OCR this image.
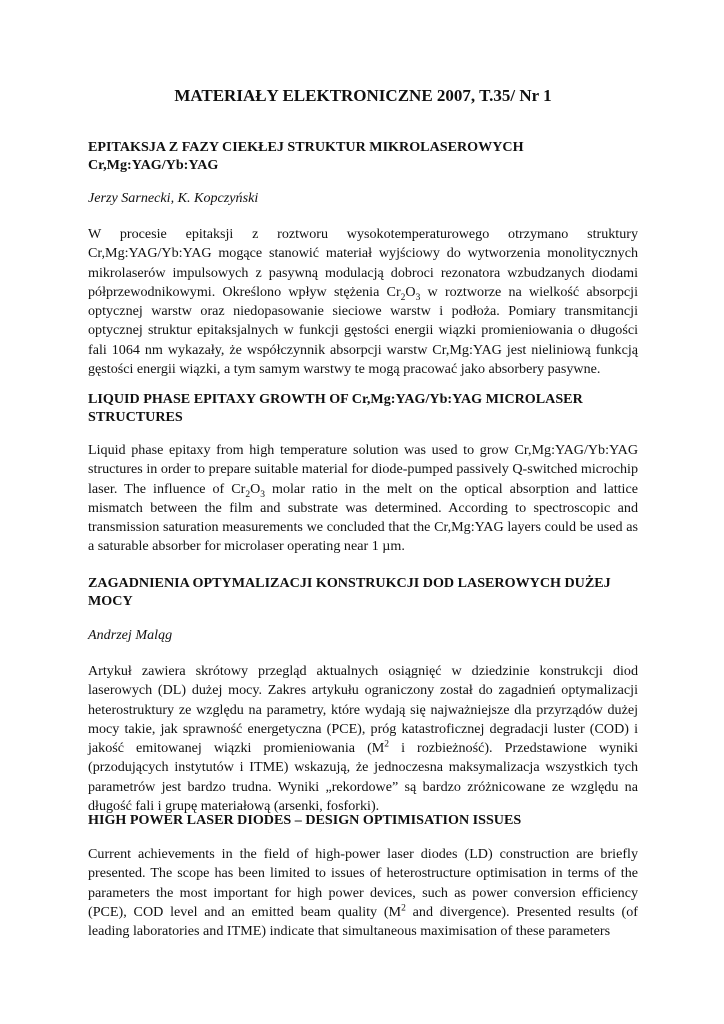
MATERIAŁY ELEKTRONICZNE 2007, T.35/ Nr 1
EPITAKSJA Z FAZY CIEKŁEJ STRUKTUR MIKROLASEROWYCH Cr,Mg:YAG/Yb:YAG

Jerzy Sarnecki, K. Kopczyński

W procesie epitaksji z roztworu wysokotemperaturowego otrzymano struktury Cr,Mg:YAG/Yb:YAG mogące stanowić materiał wyjściowy do wytworzenia monolitycznych mikrolaserów impulsowych z pasywną modulacją dobroci rezonatora wzbudzanych diodami półprzewodnikowymi. Określono wpływ stężenia $Cr_2O_3$ w roztworze na wielkość absorpcji optycznej warstw oraz niedopasowanie sieciowe warstw i podłoża. Pomiary transmitancji optycznej struktur epitaksjalnych w funkcji gęstości energii wiązki promieniowania o długości fali 1064 nm wykazały, że współczynnik absorpcji warstw Cr,Mg:YAG jest nieliniową funkcją gęstości energii wiązki, a tym samym warstwy te mogą pracować jako absorbery pasywne.

LIQUID PHASE EPITAXY GROWTH OF Cr,Mg:YAG/Yb:YAG MICROLASER STRUCTURES

Liquid phase epitaxy from high temperature solution was used to grow Cr,Mg:YAG/Yb:YAG structures in order to prepare suitable material for diode-pumped passively Q-switched microchip laser. The influence of $Cr_2O_3$ molar ratio in the melt on the optical absorption and lattice mismatch between the film and substrate was determined. According to spectroscopic and transmission saturation measurements we concluded that the Cr,Mg:YAG layers could be used as a saturable absorber for microlaser operating near 1 µm.

ZAGADNIENIA OPTYMALIZACJI KONSTRUKCJI DOD LASEROWYCH DUŻEJ MOCY

Andrzej Maląg

Artykuł zawiera skrótowy przegląd aktualnych osiągnięć w dziedzinie konstrukcji diod laserowych (DL) dużej mocy. Zakres artykułu ograniczony został do zagadnień optymalizacji heterostruktury ze względu na parametry, które wydają się najważniejsze dla przyrządów dużej mocy takie, jak sprawność energetyczna (PCE), próg katastroficznej degradacji luster (COD) i jakość emitowanej wiązki promieniowania ($M^2$ i rozbieżność). Przedstawione wyniki (przodujących instytutów i ITME) wskazują, że jednoczesna maksymalizacja wszystkich tych parametrów jest bardzo trudna. Wyniki „rekordowe” są bardzo zróżnicowane ze względu na długość fali i grupę materiałową (arsenki, fosforki).

HIGH POWER LASER DIODES – DESIGN OPTIMISATION ISSUES

Current achievements in the field of high-power laser diodes (LD) construction are briefly presented. The scope has been limited to issues of heterostructure optimisation in terms of the parameters the most important for high power devices, such as power conversion efficiency (PCE), COD level and an emitted beam quality ($M^2$ and divergence). Presented results (of leading laboratories and ITME) indicate that simultaneous maximisation of these parameters
